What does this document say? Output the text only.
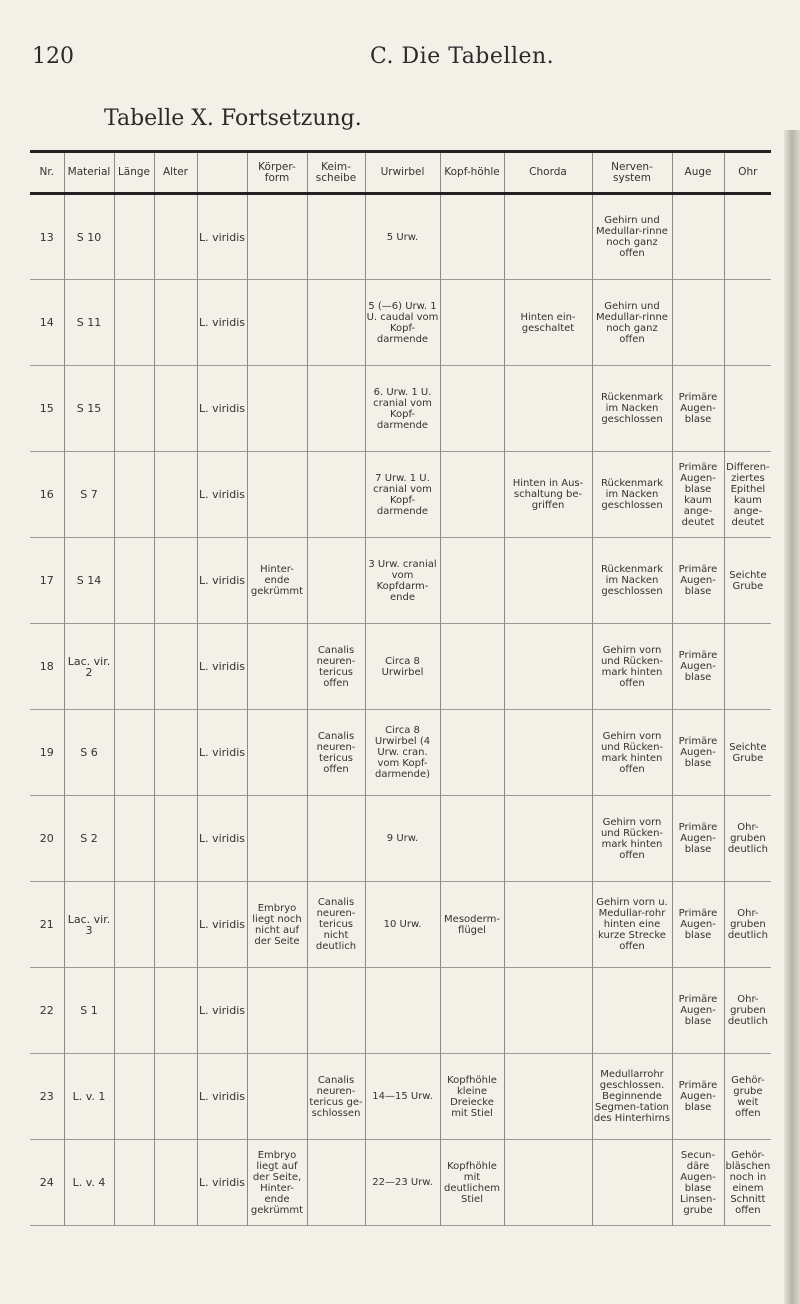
120	C. Die Tabellen.
Tabelle X. Fortsetzung.
Nr.	Material	Länge	Alter		Körper-form	Keim-scheibe	Urwirbel	Kopf-höhle	Chorda	Nerven-system	Auge	Ohr
13	S 10			L. viridis			5 Urw.			Gehirn und Medullar-rinne noch ganz offen		
14	S 11			L. viridis			5 (—6) Urw. 1 U. caudal vom Kopf-darmende		Hinten ein-geschaltet	Gehirn und Medullar-rinne noch ganz offen		
15	S 15			L. viridis			6. Urw. 1 U. cranial vom Kopf-darmende			Rückenmark im Nacken geschlossen	Primäre Augen-blase	
16	S 7			L. viridis			7 Urw. 1 U. cranial vom Kopf-darmende		Hinten in Aus-schaltung be-griffen	Rückenmark im Nacken geschlossen	Primäre Augen-blase kaum ange-deutet	Differen-ziertes Epithel kaum ange-deutet
17	S 14			L. viridis	Hinter-ende gekrümmt		3 Urw. cranial vom Kopfdarm-ende			Rückenmark im Nacken geschlossen	Primäre Augen-blase	Seichte Grube
18	Lac. vir. 2			L. viridis		Canalis neuren-tericus offen	Circa 8 Urwirbel			Gehirn vorn und Rücken-mark hinten offen	Primäre Augen-blase	
19	S 6			L. viridis		Canalis neuren-tericus offen	Circa 8 Urwirbel (4 Urw. cran. vom Kopf-darmende)			Gehirn vorn und Rücken-mark hinten offen	Primäre Augen-blase	Seichte Grube
20	S 2			L. viridis			9 Urw.			Gehirn vorn und Rücken-mark hinten offen	Primäre Augen-blase	Ohr-gruben deutlich
21	Lac. vir. 3			L. viridis	Embryo liegt noch nicht auf der Seite	Canalis neuren-tericus nicht deutlich	10 Urw.	Mesoderm-flügel		Gehirn vorn u. Medullar-rohr hinten eine kurze Strecke offen	Primäre Augen-blase	Ohr-gruben deutlich
22	S 1			L. viridis							Primäre Augen-blase	Ohr-gruben deutlich
23	L. v. 1			L. viridis		Canalis neuren-tericus ge-schlossen	14—15 Urw.	Kopfhöhle kleine Dreiecke mit Stiel		Medullarrohr geschlossen. Beginnende Segmen-tation des Hinterhirns	Primäre Augen-blase	Gehör-grube weit offen
24	L. v. 4			L. viridis	Embryo liegt auf der Seite, Hinter-ende gekrümmt		22—23 Urw.	Kopfhöhle mit deutlichem Stiel			Secun-däre Augen-blase Linsen-grube	Gehör-bläschen noch in einem Schnitt offen
